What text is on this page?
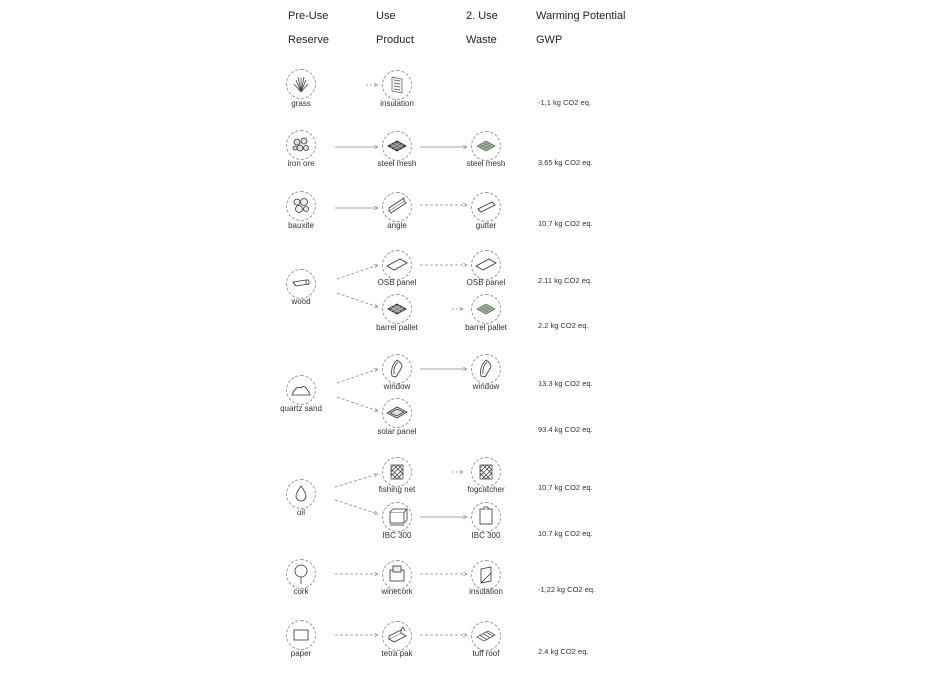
Pre-Use
Reserve
Use
Product
2. Use
Waste
Warming Potential
GWP
grass
iron ore
bauxite
wood
quartz sand
oil
cork
paper
insulation
steel mesh
angle
OSB panel
barrel pallet
window
solar panel
fishing net
IBC 300
winecork
tetra pak
steel mesh
gutter
OSB panel
barrel pallet
window
fogcatcher
IBC 300
insulation
tuff roof
-1,1 kg CO2 eq.
3.65 kg CO2 eq.
10.7 kg CO2 eq.
2.11 kg CO2 eq.
2.2 kg CO2 eq.
13.3 kg CO2 eq.
93.4 kg CO2 eq.
10.7 kg CO2 eq.
10.7 kg CO2 eq.
-1,22 kg CO2 eq.
2.4 kg CO2 eq.
